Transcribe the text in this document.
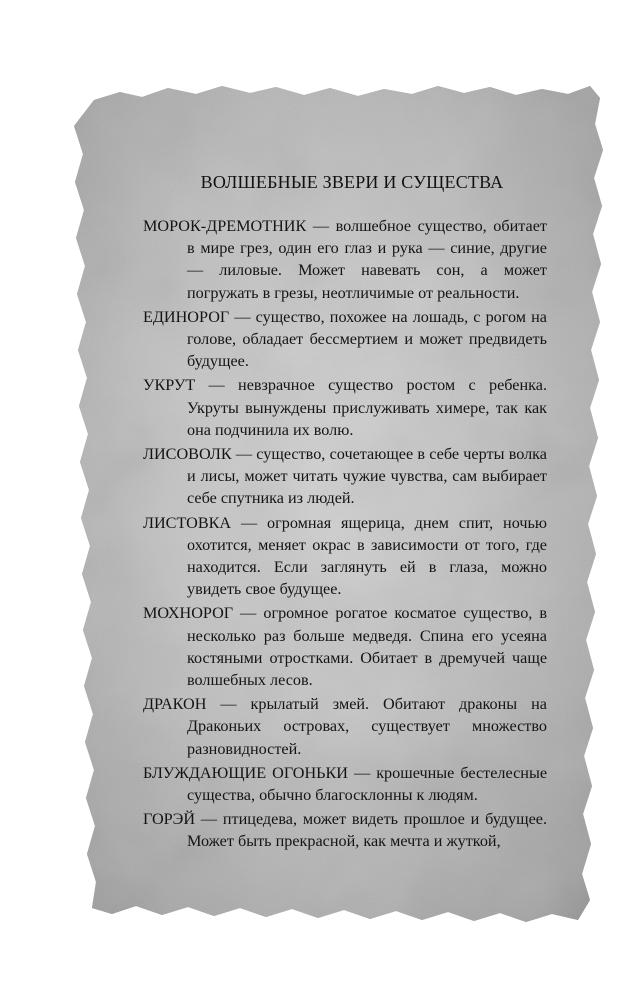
ВОЛШЕБНЫЕ ЗВЕРИ И СУЩЕСТВА

МОРОК-ДРЕМОТНИК — волшебное существо, обитает в мире грез, один его глаз и рука — синие, другие — лиловые. Может навевать сон, а может погружать в грезы, неотличимые от реальности.

ЕДИНОРОГ — существо, похожее на лошадь, с рогом на голове, обладает бессмертием и может предвидеть будущее.

УКРУТ — невзрачное существо ростом с ребенка. Укруты вынуждены прислуживать химере, так как она подчинила их волю.

ЛИСОВОЛК — существо, сочетающее в себе черты волка и лисы, может читать чужие чувства, сам выбирает себе спутника из людей.

ЛИСТОВКА — огромная ящерица, днем спит, ночью охотится, меняет окрас в зависимости от того, где находится. Если заглянуть ей в глаза, можно увидеть свое будущее.

МОХНОРОГ — огромное рогатое косматое существо, в несколько раз больше медведя. Спина его усеяна костяными отростками. Обитает в дремучей чаще волшебных лесов.

ДРАКОН — крылатый змей. Обитают драконы на Драконьих островах, существует множество разновидностей.

БЛУЖДАЮЩИЕ ОГОНЬКИ — крошечные бестелесные существа, обычно благосклонны к людям.

ГОРЭЙ — птицедева, может видеть прошлое и будущее. Может быть прекрасной, как мечта и жуткой,
